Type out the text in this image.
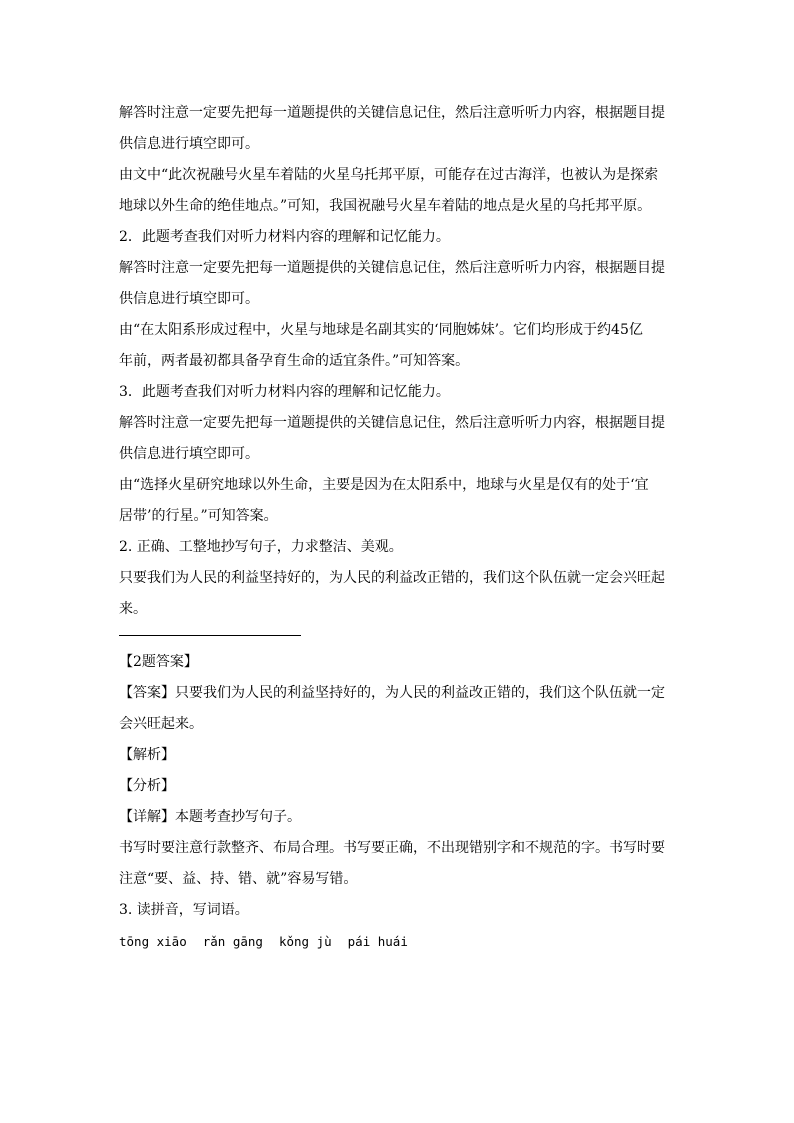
解答时注意一定要先把每一道题提供的关键信息记住，然后注意听听力内容，根据题目提
供信息进行填空即可。
由文中“此次祝融号火星车着陆的火星乌托邦平原，可能存在过古海洋，也被认为是探索
地球以外生命的绝佳地点。”可知，我国祝融号火星车着陆的地点是火星的乌托邦平原。
2．此题考查我们对听力材料内容的理解和记忆能力。
解答时注意一定要先把每一道题提供的关键信息记住，然后注意听听力内容，根据题目提
供信息进行填空即可。
由“在太阳系形成过程中，火星与地球是名副其实的‘同胞姊妹’。它们均形成于约45亿
年前，两者最初都具备孕育生命的适宜条件。”可知答案。
3．此题考查我们对听力材料内容的理解和记忆能力。
解答时注意一定要先把每一道题提供的关键信息记住，然后注意听听力内容，根据题目提
供信息进行填空即可。
由“选择火星研究地球以外生命，主要是因为在太阳系中，地球与火星是仅有的处于‘宜
居带’的行星。”可知答案。
2. 正确、工整地抄写句子，力求整洁、美观。
只要我们为人民的利益坚持好的，为人民的利益改正错的，我们这个队伍就一定会兴旺起
来。
【2题答案】
【答案】只要我们为人民的利益坚持好的，为人民的利益改正错的，我们这个队伍就一定
会兴旺起来。
【解析】
【分析】
【详解】本题考查抄写句子。
书写时要注意行款整齐、布局合理。书写要正确，不出现错别字和不规范的字。书写时要
注意“要、益、持、错、就”容易写错。
3. 读拼音，写词语。
tōng xiāo rǎn gāng kǒng jù pái huái
